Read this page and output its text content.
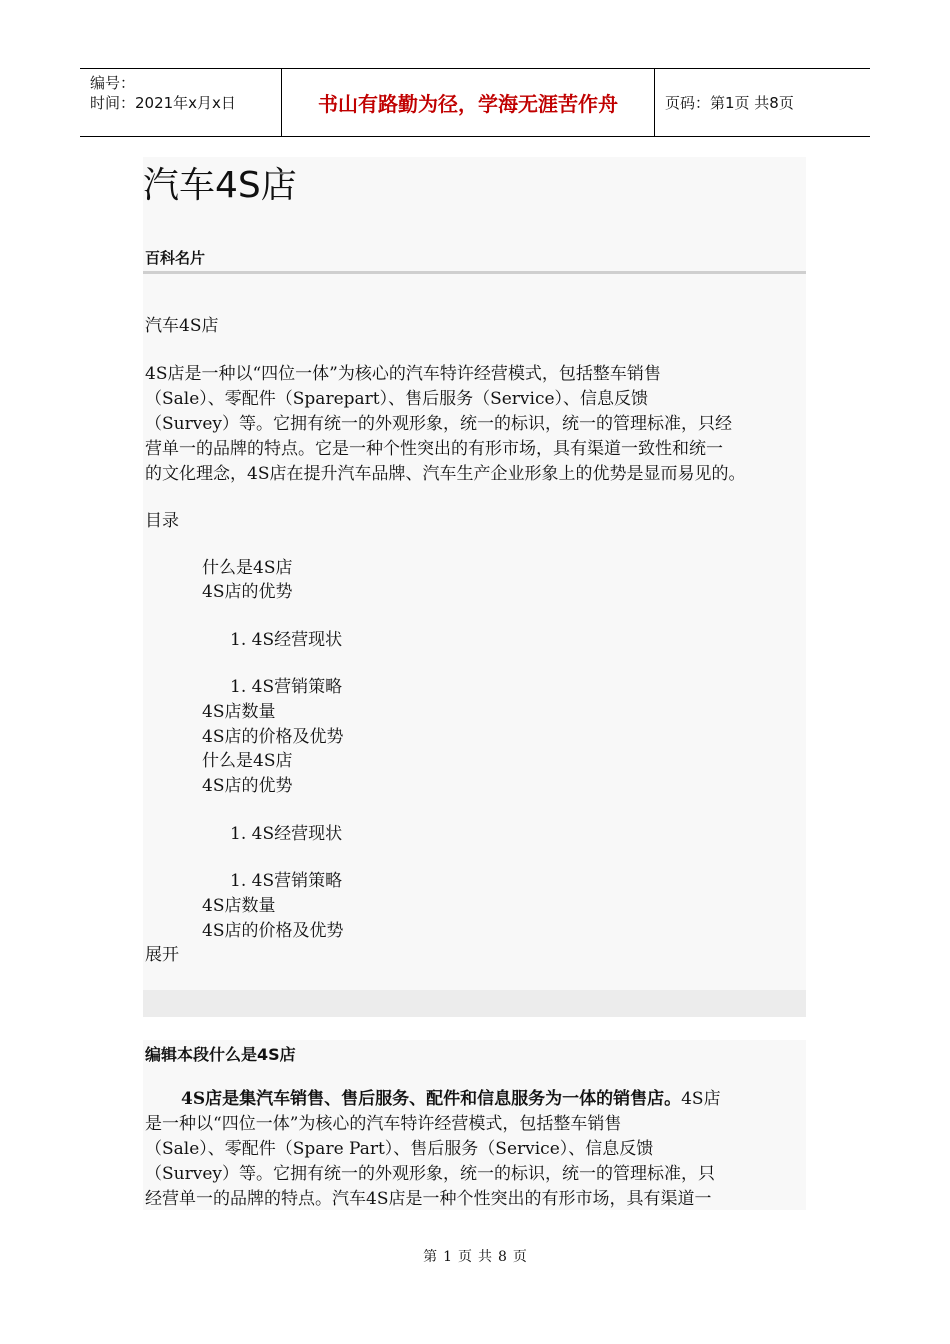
编号：
时间：2021年x月x日	书山有路勤为径，学海无涯苦作舟	页码：第1页 共8页
汽车4S店
百科名片
汽车4S店
4S店是一种以“四位一体”为核心的汽车特许经营模式，包括整车销售
（Sale）、零配件（Sparepart）、售后服务（Service）、信息反馈
（Survey）等。它拥有统一的外观形象，统一的标识，统一的管理标准，只经
营单一的品牌的特点。它是一种个性突出的有形市场，具有渠道一致性和统一
的文化理念，4S店在提升汽车品牌、汽车生产企业形象上的优势是显而易见的。
目录
什么是4S店
4S店的优势
1. 4S经营现状
1. 4S营销策略
4S店数量
4S店的价格及优势
什么是4S店
4S店的优势
1. 4S经营现状
1. 4S营销策略
4S店数量
4S店的价格及优势
展开
编辑本段什么是4S店
4S店是集汽车销售、售后服务、配件和信息服务为一体的销售店。4S店
是一种以“四位一体”为核心的汽车特许经营模式，包括整车销售
（Sale）、零配件（Spare Part）、售后服务（Service）、信息反馈
（Survey）等。它拥有统一的外观形象，统一的标识，统一的管理标准，只
经营单一的品牌的特点。汽车4S店是一种个性突出的有形市场，具有渠道一
第 1 页 共 8 页
